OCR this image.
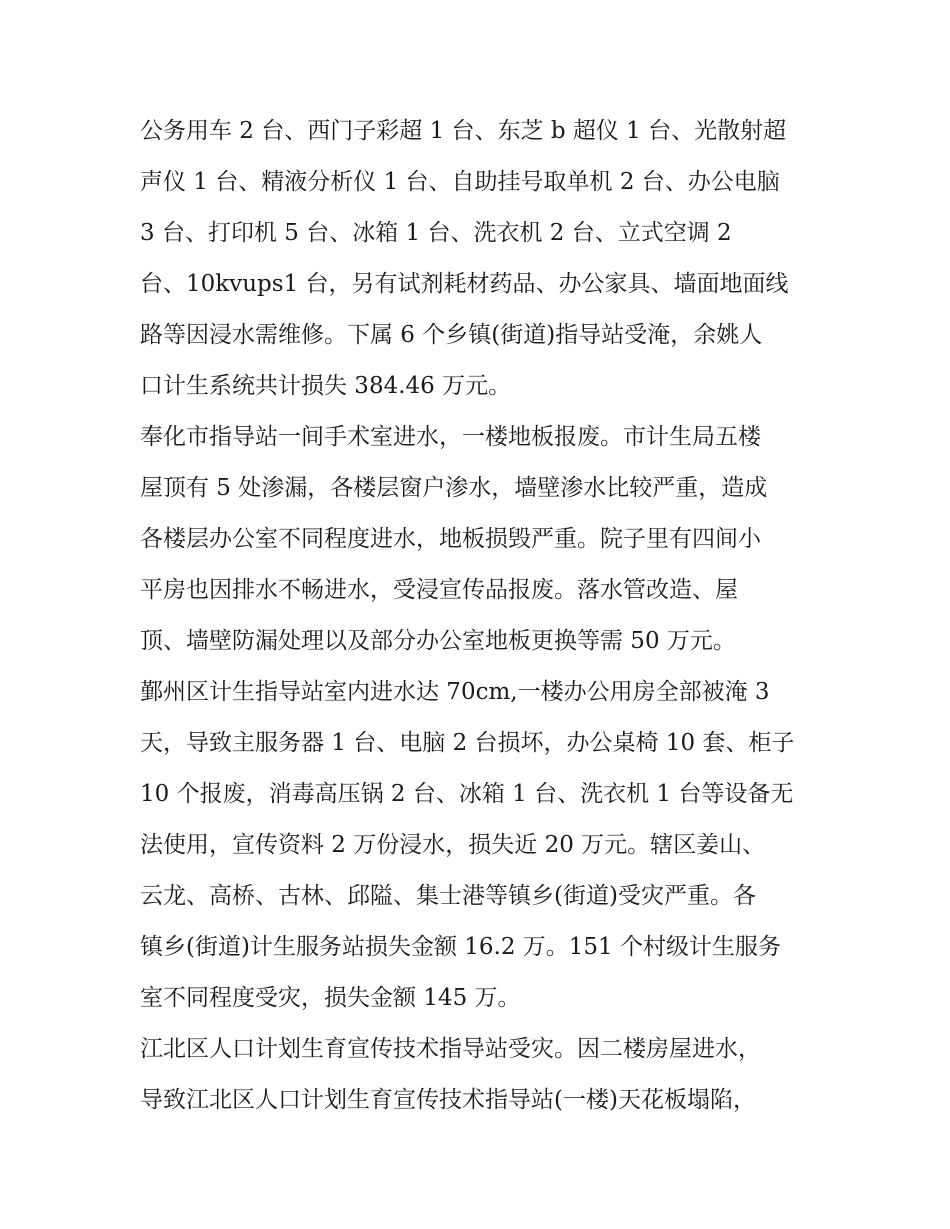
公务用车 2 台、西门子彩超 1 台、东芝 b 超仪 1 台、光散射超
声仪 1 台、精液分析仪 1 台、自助挂号取单机 2 台、办公电脑
3 台、打印机 5 台、冰箱 1 台、洗衣机 2 台、立式空调 2
台、10kvups1 台，另有试剂耗材药品、办公家具、墙面地面线
路等因浸水需维修。下属 6 个乡镇(街道)指导站受淹，余姚人
口计生系统共计损失 384.46 万元。
奉化市指导站一间手术室进水，一楼地板报废。市计生局五楼
屋顶有 5 处渗漏，各楼层窗户渗水，墙壁渗水比较严重，造成
各楼层办公室不同程度进水，地板损毁严重。院子里有四间小
平房也因排水不畅进水，受浸宣传品报废。落水管改造、屋
顶、墙壁防漏处理以及部分办公室地板更换等需 50 万元。
鄞州区计生指导站室内进水达 70cm,一楼办公用房全部被淹 3
天，导致主服务器 1 台、电脑 2 台损坏，办公桌椅 10 套、柜子
10 个报废，消毒高压锅 2 台、冰箱 1 台、洗衣机 1 台等设备无
法使用，宣传资料 2 万份浸水，损失近 20 万元。辖区姜山、
云龙、高桥、古林、邱隘、集士港等镇乡(街道)受灾严重。各
镇乡(街道)计生服务站损失金额 16.2 万。151 个村级计生服务
室不同程度受灾，损失金额 145 万。
江北区人口计划生育宣传技术指导站受灾。因二楼房屋进水，
导致江北区人口计划生育宣传技术指导站(一楼)天花板塌陷，
